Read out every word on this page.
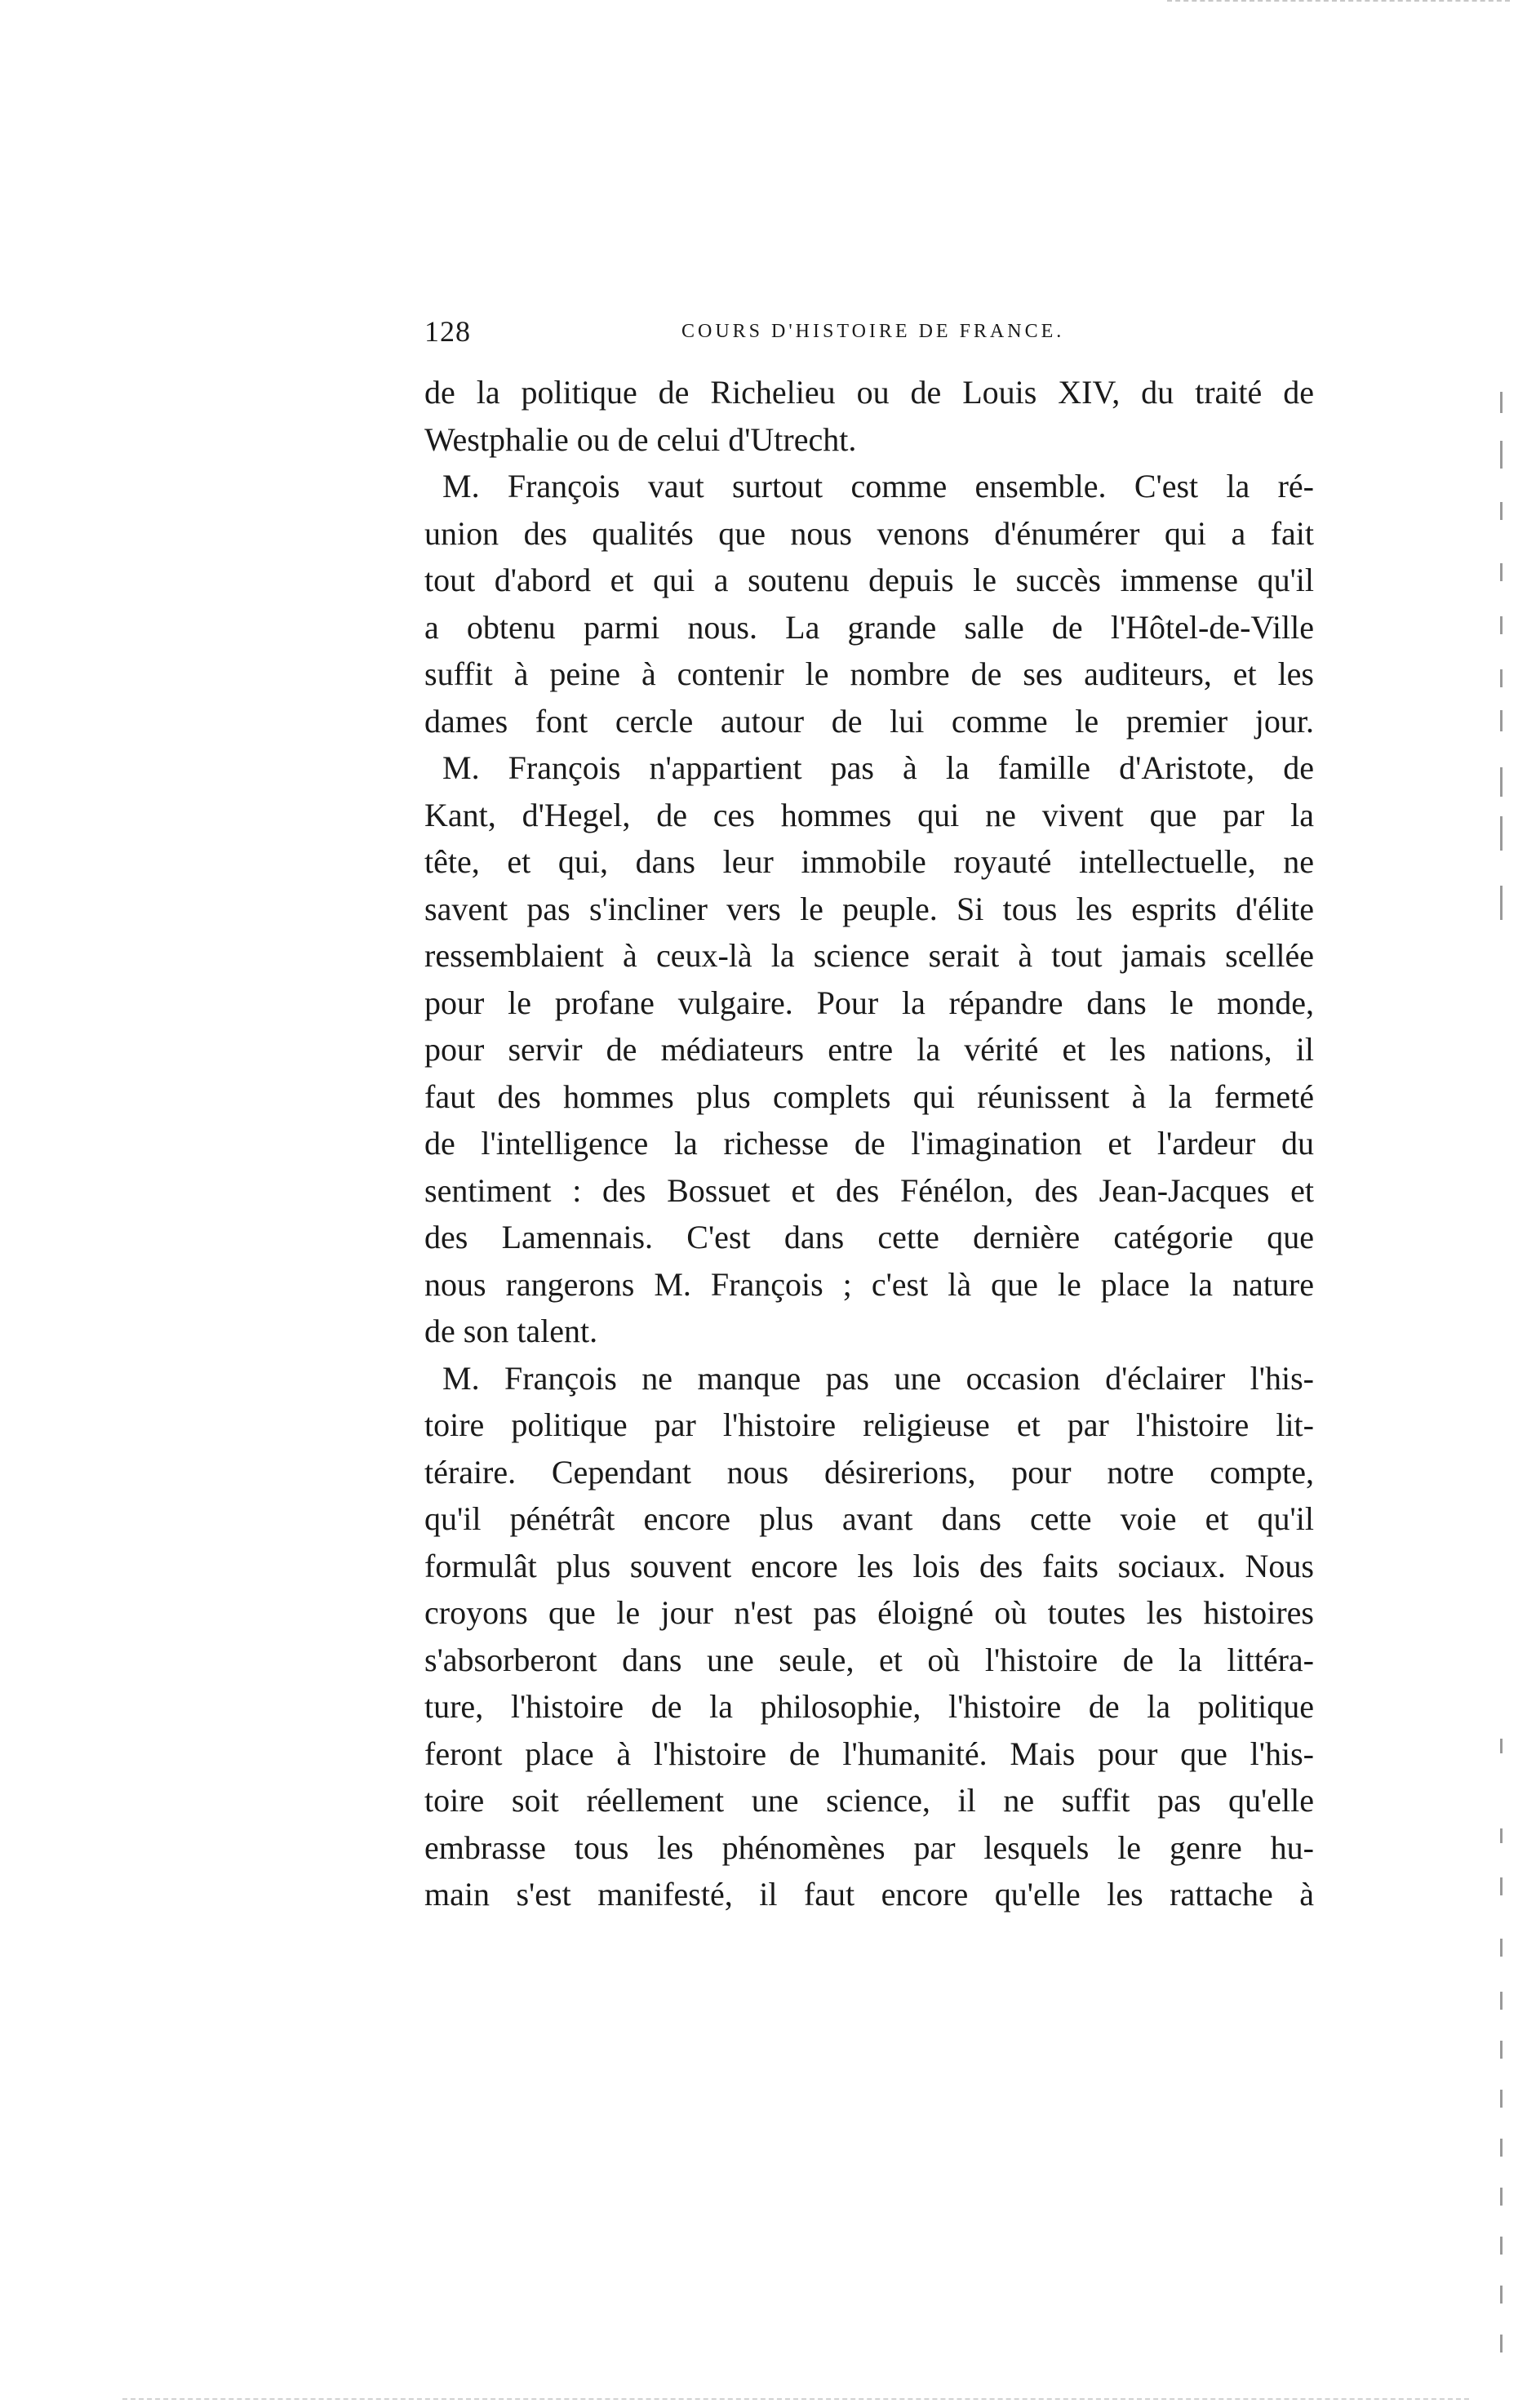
128	COURS D'HISTOIRE DE FRANCE.
de la politique de Richelieu ou de Louis XIV, du traité de
Westphalie ou de celui d'Utrecht.
M. François vaut surtout comme ensemble. C'est la ré-
union des qualités que nous venons d'énumérer qui a fait
tout d'abord et qui a soutenu depuis le succès immense qu'il
a obtenu parmi nous. La grande salle de l'Hôtel-de-Ville
suffit à peine à contenir le nombre de ses auditeurs, et les
dames font cercle autour de lui comme le premier jour.
M. François n'appartient pas à la famille d'Aristote, de
Kant, d'Hegel, de ces hommes qui ne vivent que par la
tête, et qui, dans leur immobile royauté intellectuelle, ne
savent pas s'incliner vers le peuple. Si tous les esprits d'élite
ressemblaient à ceux-là la science serait à tout jamais scellée
pour le profane vulgaire. Pour la répandre dans le monde,
pour servir de médiateurs entre la vérité et les nations, il
faut des hommes plus complets qui réunissent à la fermeté
de l'intelligence la richesse de l'imagination et l'ardeur du
sentiment : des Bossuet et des Fénélon, des Jean-Jacques et
des Lamennais. C'est dans cette dernière catégorie que
nous rangerons M. François ; c'est là que le place la nature
de son talent.
M. François ne manque pas une occasion d'éclairer l'his-
toire politique par l'histoire religieuse et par l'histoire lit-
téraire. Cependant nous désirerions, pour notre compte,
qu'il pénétrât encore plus avant dans cette voie et qu'il
formulât plus souvent encore les lois des faits sociaux. Nous
croyons que le jour n'est pas éloigné où toutes les histoires
s'absorberont dans une seule, et où l'histoire de la littéra-
ture, l'histoire de la philosophie, l'histoire de la politique
feront place à l'histoire de l'humanité. Mais pour que l'his-
toire soit réellement une science, il ne suffit pas qu'elle
embrasse tous les phénomènes par lesquels le genre hu-
main s'est manifesté, il faut encore qu'elle les rattache à
